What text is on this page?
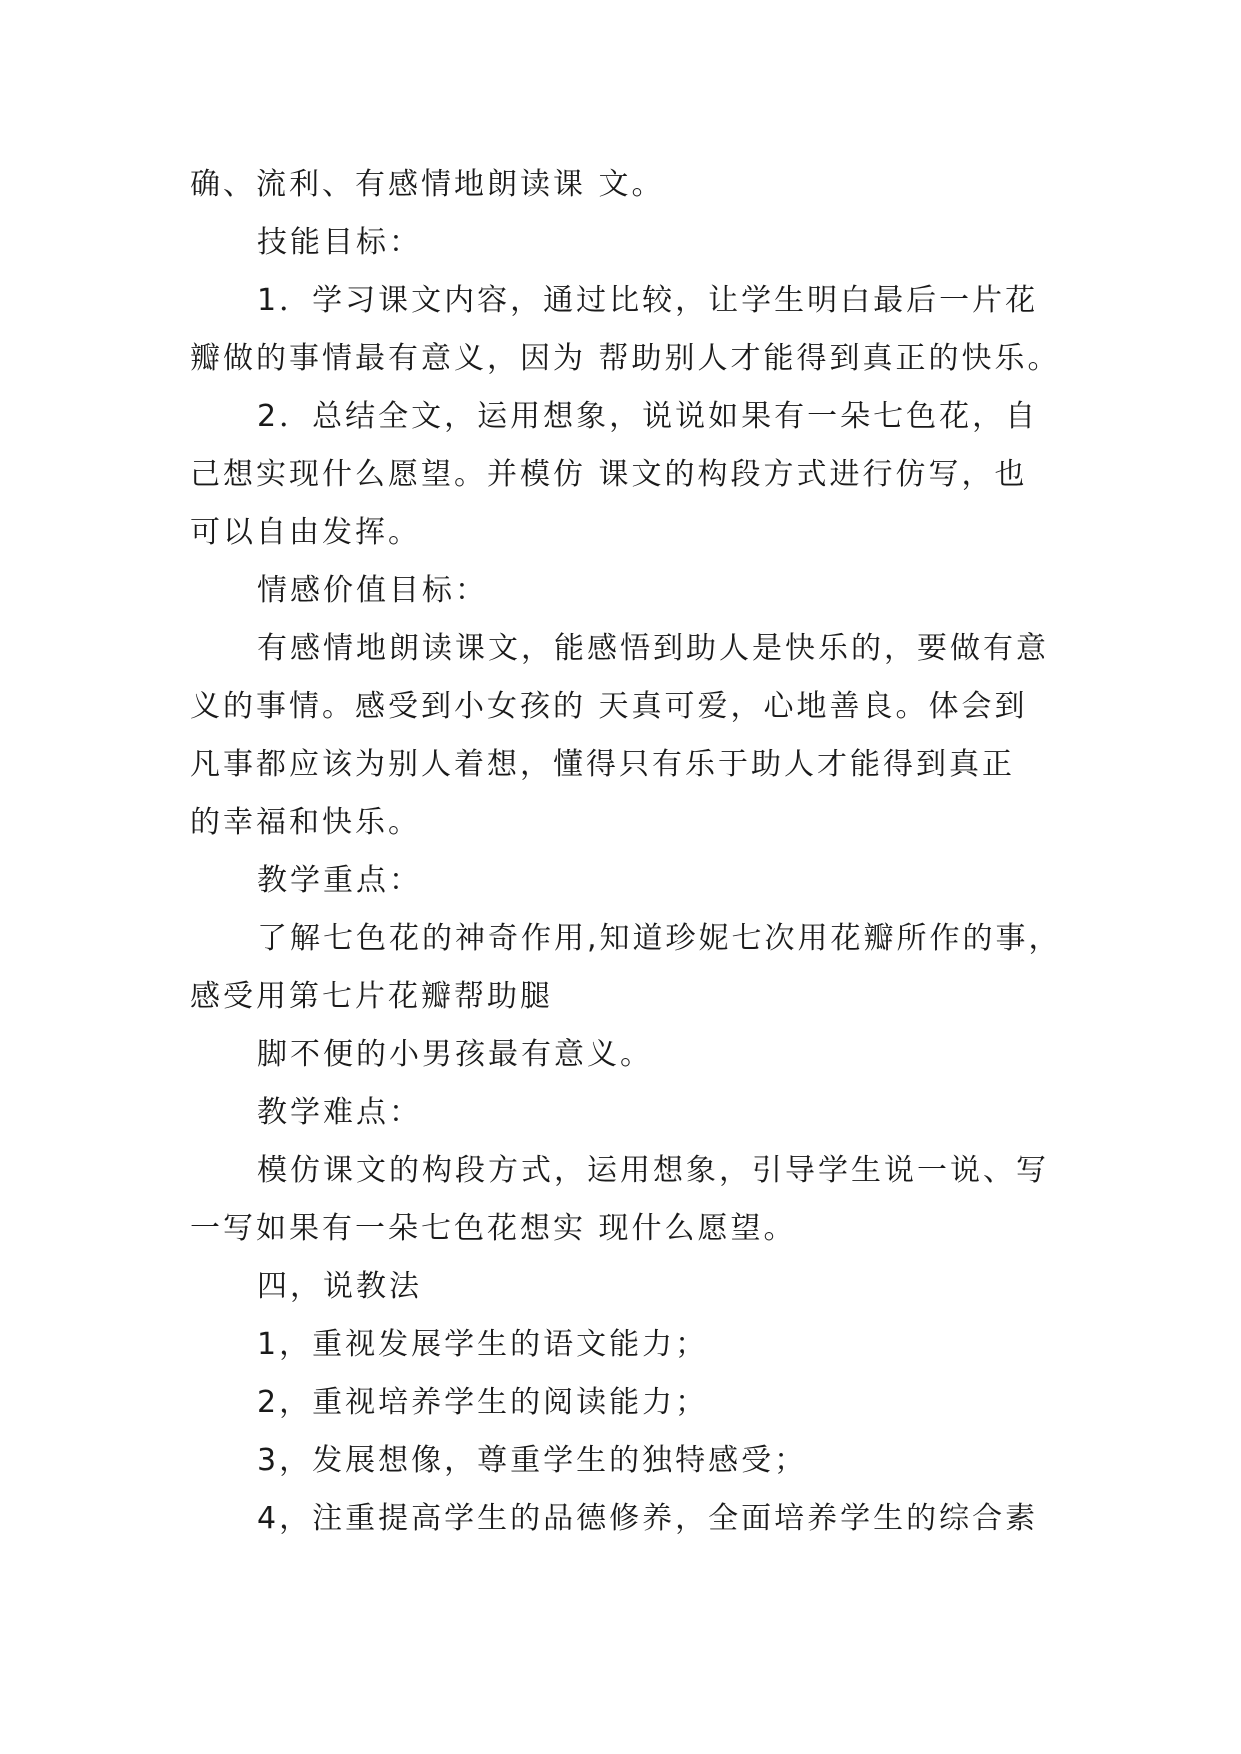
确、流利、有感情地朗读课 文。
技能目标：
1．学习课文内容，通过比较，让学生明白最后一片花
瓣做的事情最有意义，因为 帮助别人才能得到真正的快乐。
2．总结全文，运用想象，说说如果有一朵七色花，自
己想实现什么愿望。并模仿 课文的构段方式进行仿写，也
可以自由发挥。
情感价值目标：
有感情地朗读课文，能感悟到助人是快乐的，要做有意
义的事情。感受到小女孩的 天真可爱，心地善良。体会到
凡事都应该为别人着想，懂得只有乐于助人才能得到真正
的幸福和快乐。
教学重点：
了解七色花的神奇作用,知道珍妮七次用花瓣所作的事，
感受用第七片花瓣帮助腿
脚不便的小男孩最有意义。
教学难点：
模仿课文的构段方式，运用想象，引导学生说一说、写
一写如果有一朵七色花想实 现什么愿望。
四，说教法
1，重视发展学生的语文能力；
2，重视培养学生的阅读能力；
3，发展想像，尊重学生的独特感受；
4，注重提高学生的品德修养，全面培养学生的综合素
